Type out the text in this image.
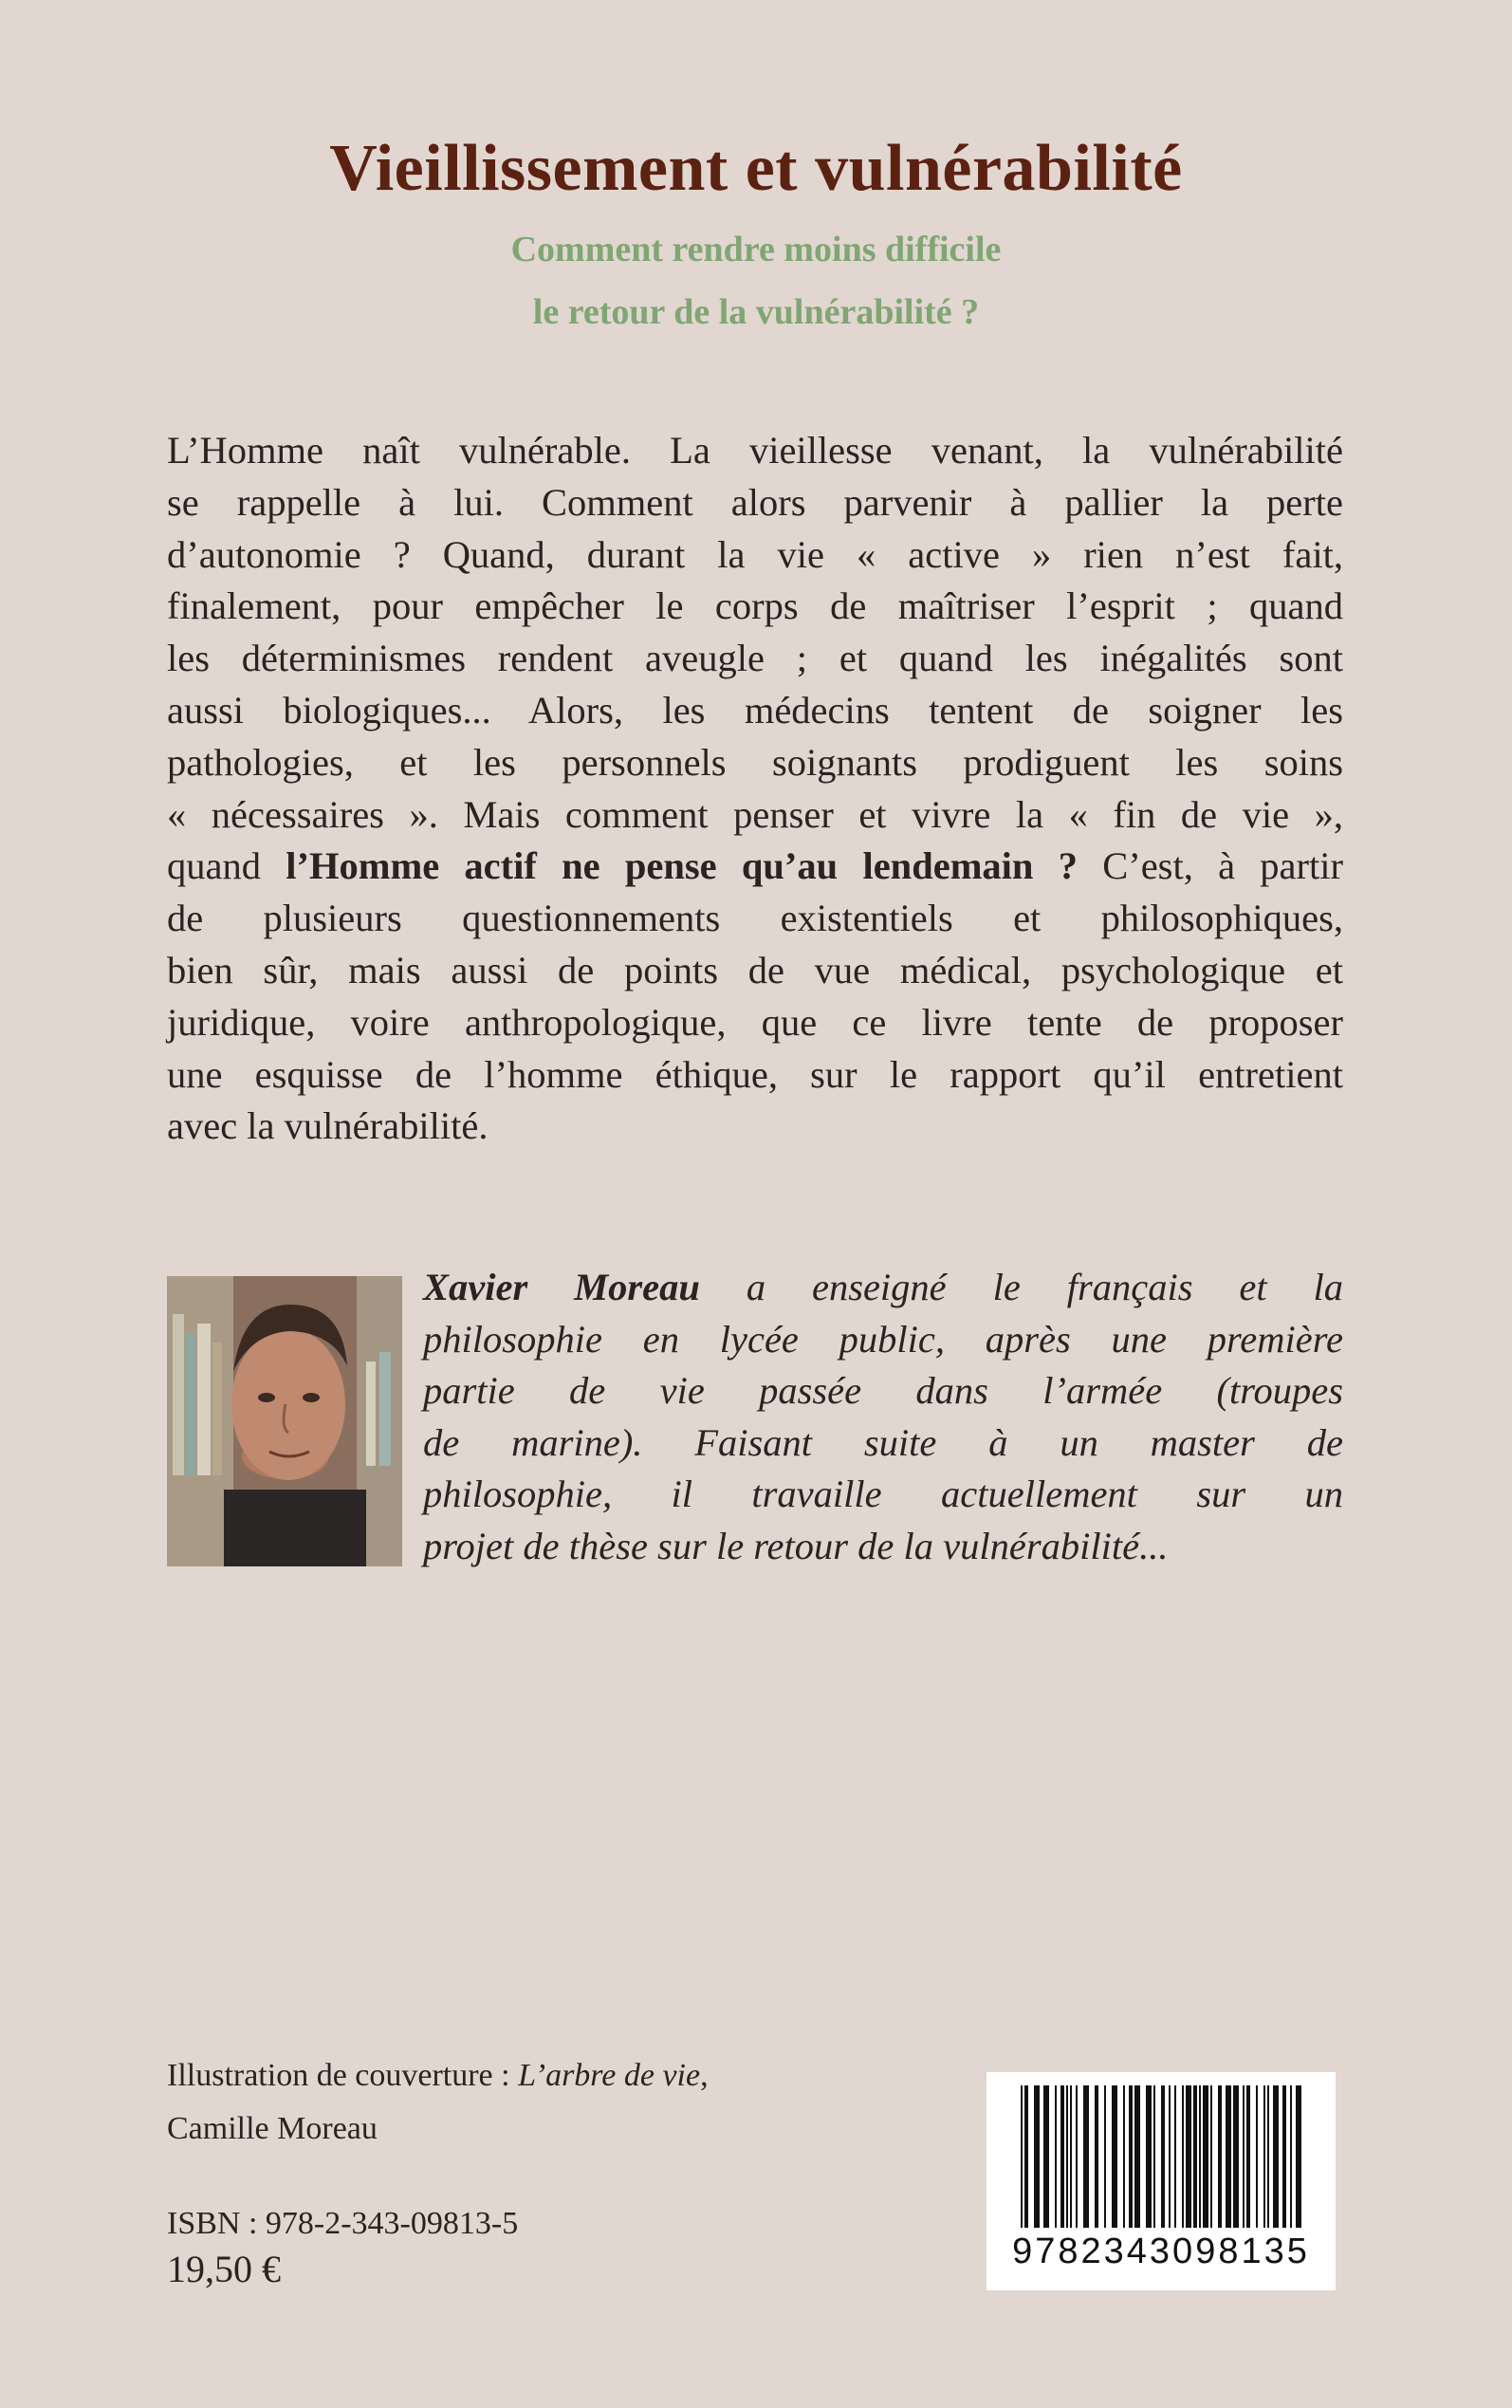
Vieillissement et vulnérabilité
Comment rendre moins difficile
le retour de la vulnérabilité ?
L’Homme naît vulnérable. La vieillesse venant, la vulnérabilité
se rappelle à lui. Comment alors parvenir à pallier la perte
d’autonomie ? Quand, durant la vie « active » rien n’est fait,
finalement, pour empêcher le corps de maîtriser l’esprit ; quand
les déterminismes rendent aveugle ; et quand les inégalités sont
aussi biologiques... Alors, les médecins tentent de soigner les
pathologies, et les personnels soignants prodiguent les soins
« nécessaires ». Mais comment penser et vivre la « fin de vie »,
quand l’Homme actif ne pense qu’au lendemain ? C’est, à partir
de plusieurs questionnements existentiels et philosophiques,
bien sûr, mais aussi de points de vue médical, psychologique et
juridique, voire anthropologique, que ce livre tente de proposer
une esquisse de l’homme éthique, sur le rapport qu’il entretient
avec la vulnérabilité.
Xavier Moreau a enseigné le français et la
philosophie en lycée public, après une première
partie de vie passée dans l’armée (troupes
de marine). Faisant suite à un master de
philosophie, il travaille actuellement sur un
projet de thèse sur le retour de la vulnérabilité...
Illustration de couverture : L’arbre de vie,
Camille Moreau
ISBN : 978-2-343-09813-5
19,50 €	9782343098135
